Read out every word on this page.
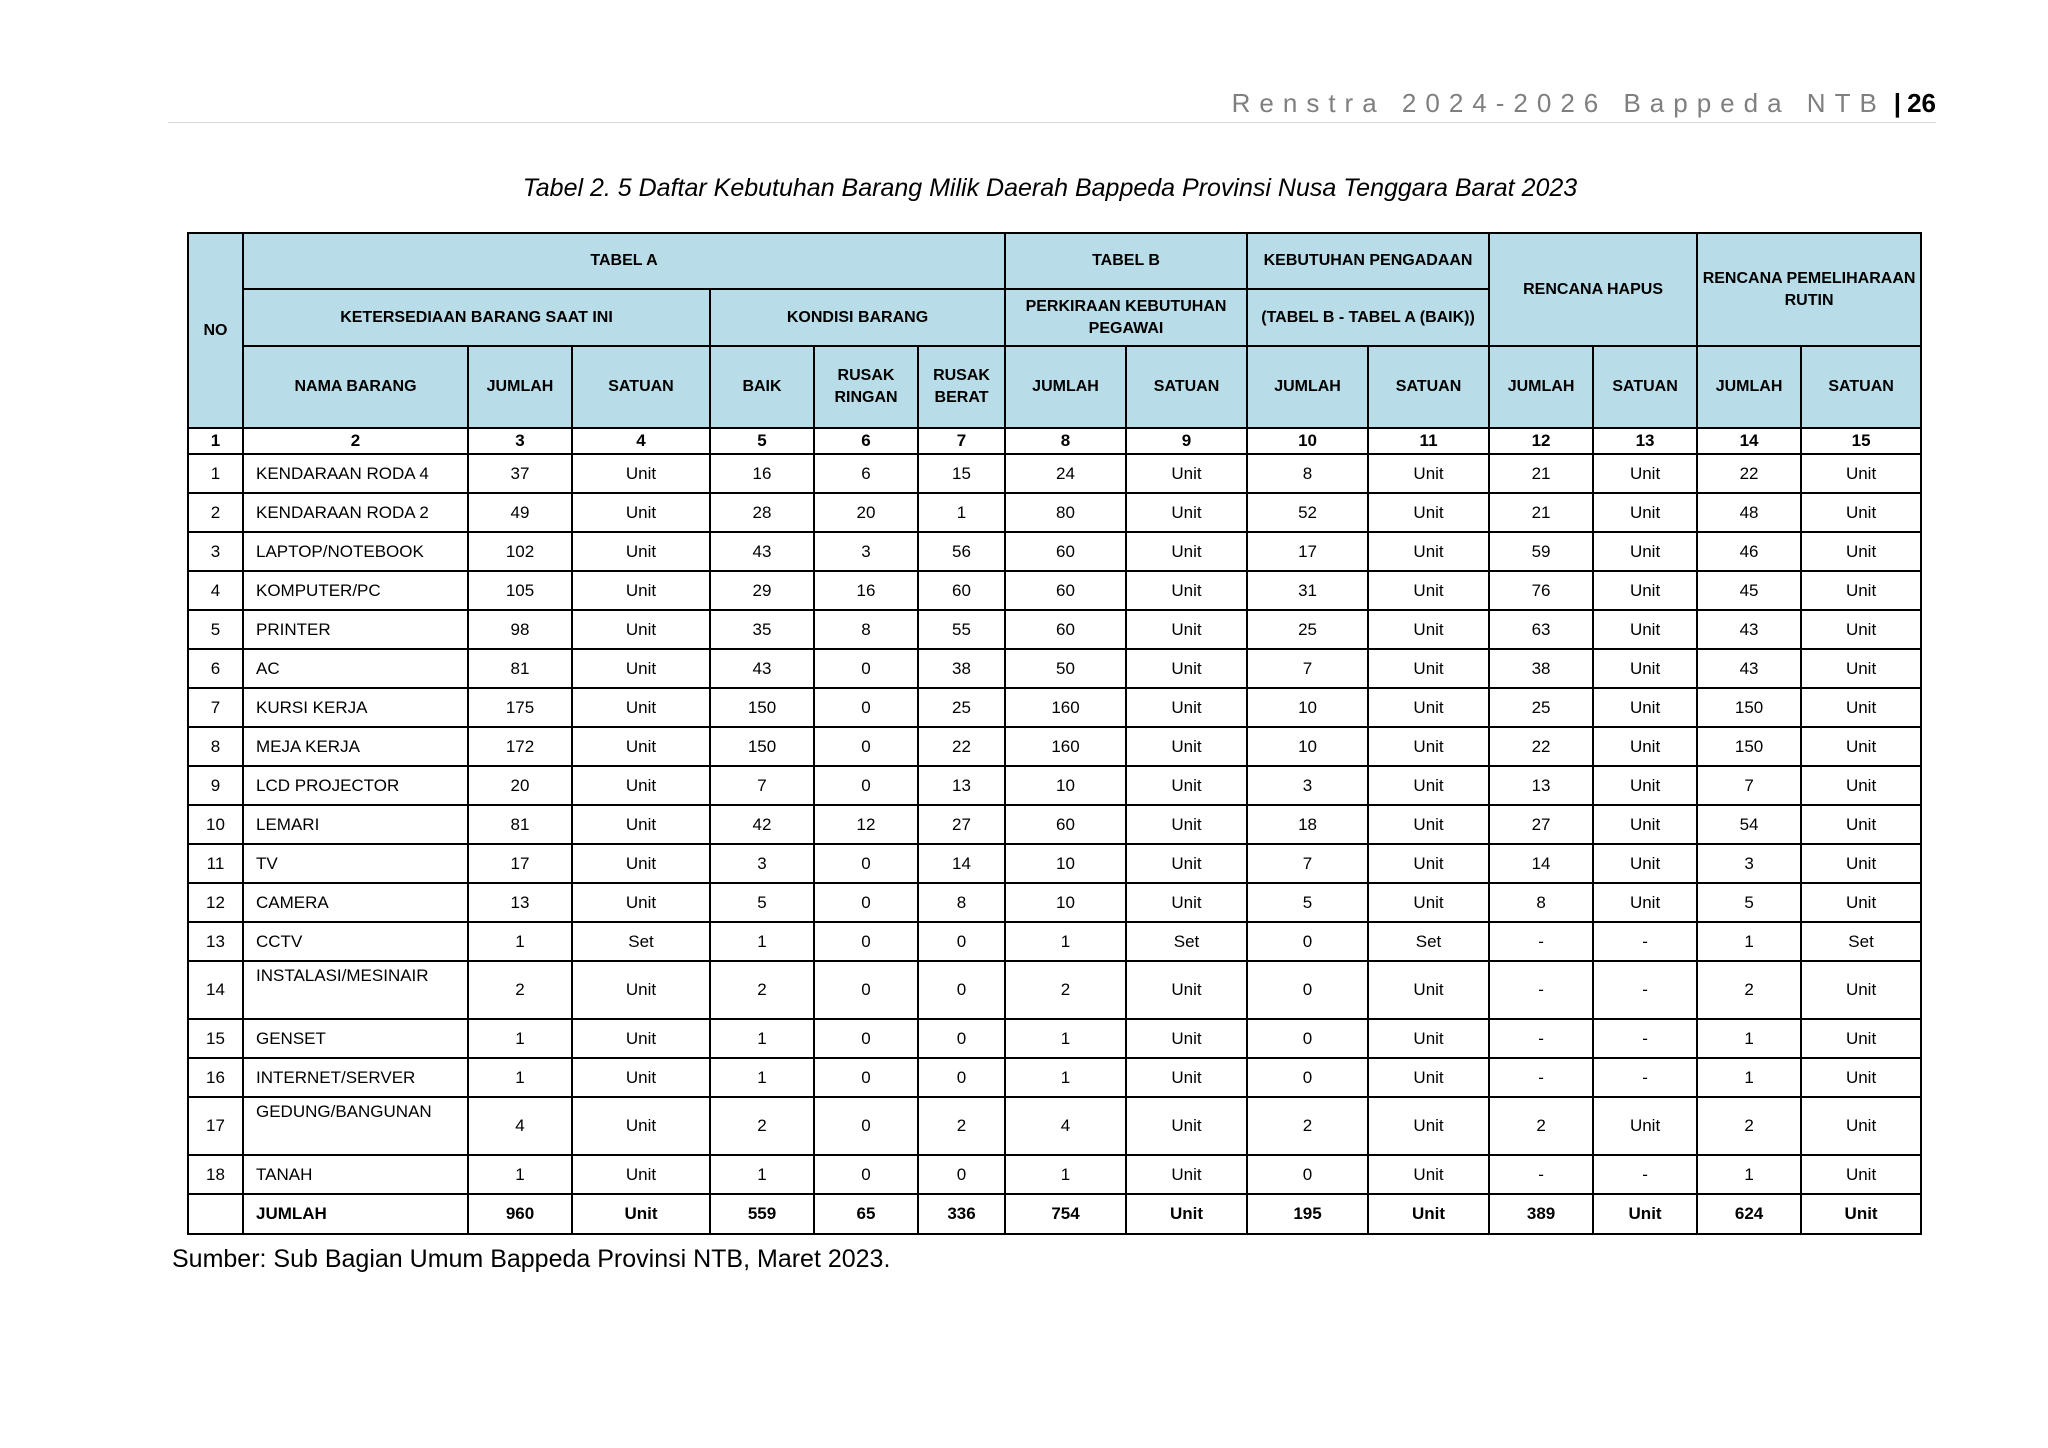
Renstra 2024-2026 Bappeda NTB | 26
Tabel 2. 5 Daftar Kebutuhan Barang Milik Daerah Bappeda Provinsi Nusa Tenggara Barat 2023
NO	TABEL A						TABEL B		KEBUTUHAN PENGADAAN		RENCANA HAPUS		RENCANA PEMELIHARAAN RUTIN	
	KETERSEDIAAN BARANG SAAT INI			KONDISI BARANG			PERKIRAAN KEBUTUHAN PEGAWAI		(TABEL B - TABEL A (BAIK))					
	NAMA BARANG	JUMLAH	SATUAN	BAIK	RUSAK RINGAN	RUSAK BERAT	JUMLAH	SATUAN	JUMLAH	SATUAN	JUMLAH	SATUAN	JUMLAH	SATUAN
1	2	3	4	5	6	7	8	9	10	11	12	13	14	15
1	KENDARAAN RODA 4	37	Unit	16	6	15	24	Unit	8	Unit	21	Unit	22	Unit
2	KENDARAAN RODA 2	49	Unit	28	20	1	80	Unit	52	Unit	21	Unit	48	Unit
3	LAPTOP/NOTEBOOK	102	Unit	43	3	56	60	Unit	17	Unit	59	Unit	46	Unit
4	KOMPUTER/PC	105	Unit	29	16	60	60	Unit	31	Unit	76	Unit	45	Unit
5	PRINTER	98	Unit	35	8	55	60	Unit	25	Unit	63	Unit	43	Unit
6	AC	81	Unit	43	0	38	50	Unit	7	Unit	38	Unit	43	Unit
7	KURSI KERJA	175	Unit	150	0	25	160	Unit	10	Unit	25	Unit	150	Unit
8	MEJA KERJA	172	Unit	150	0	22	160	Unit	10	Unit	22	Unit	150	Unit
9	LCD PROJECTOR	20	Unit	7	0	13	10	Unit	3	Unit	13	Unit	7	Unit
10	LEMARI	81	Unit	42	12	27	60	Unit	18	Unit	27	Unit	54	Unit
11	TV	17	Unit	3	0	14	10	Unit	7	Unit	14	Unit	3	Unit
12	CAMERA	13	Unit	5	0	8	10	Unit	5	Unit	8	Unit	5	Unit
13	CCTV	1	Set	1	0	0	1	Set	0	Set	-	-	1	Set
14	INSTALASI/MESINAIR	2	Unit	2	0	0	2	Unit	0	Unit	-	-	2	Unit
15	GENSET	1	Unit	1	0	0	1	Unit	0	Unit	-	-	1	Unit
16	INTERNET/SERVER	1	Unit	1	0	0	1	Unit	0	Unit	-	-	1	Unit
17	GEDUNG/BANGUNAN	4	Unit	2	0	2	4	Unit	2	Unit	2	Unit	2	Unit
18	TANAH	1	Unit	1	0	0	1	Unit	0	Unit	-	-	1	Unit
	JUMLAH	960	Unit	559	65	336	754	Unit	195	Unit	389	Unit	624	Unit
Sumber: Sub Bagian Umum Bappeda Provinsi NTB, Maret 2023.
